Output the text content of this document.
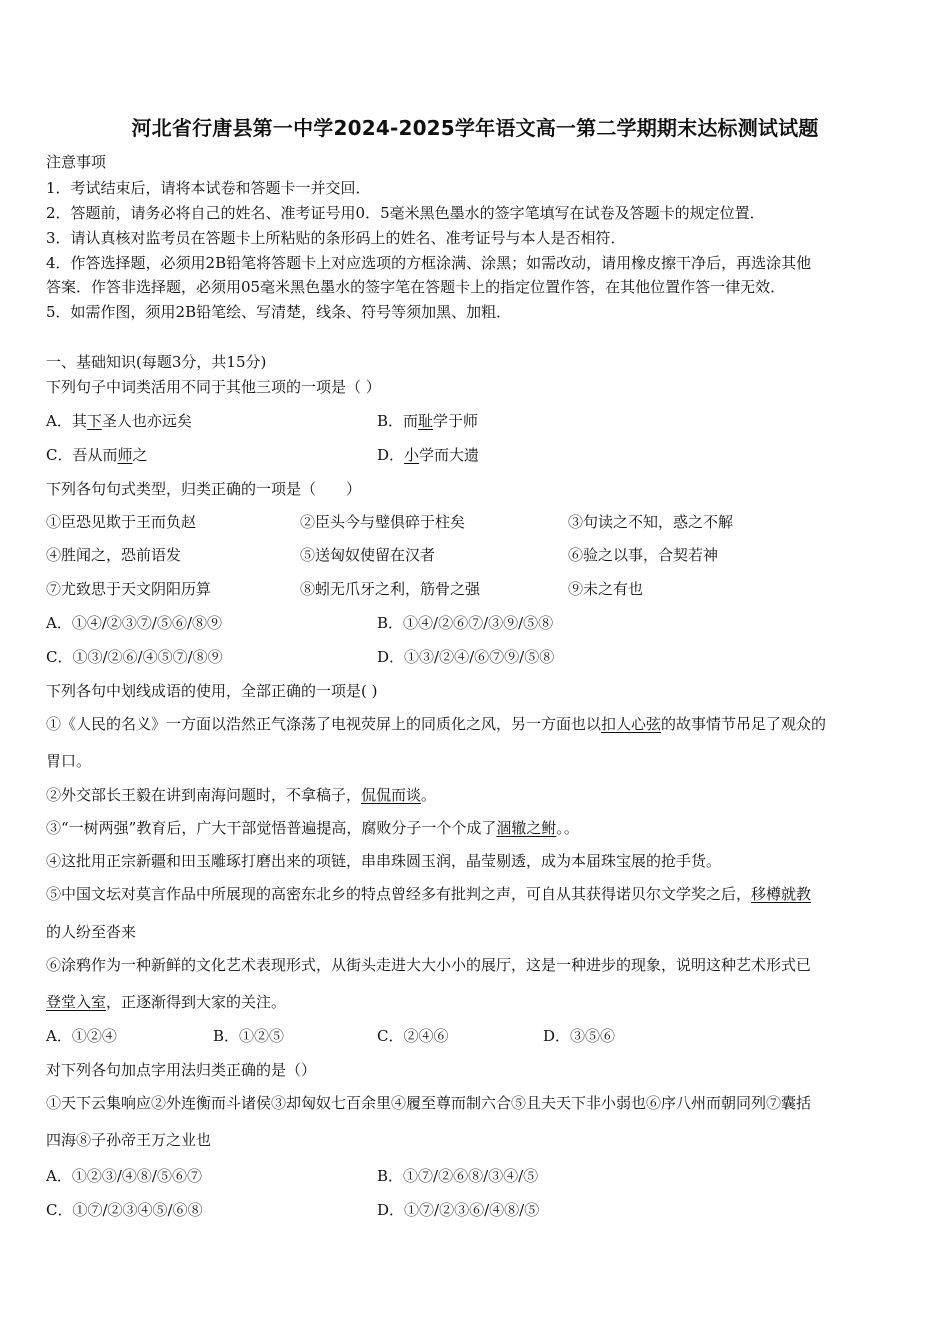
河北省行唐县第一中学2024-2025学年语文高一第二学期期末达标测试试题
注意事项
1．考试结束后，请将本试卷和答题卡一并交回．
2．答题前，请务必将自己的姓名、准考证号用0．5毫米黑色墨水的签字笔填写在试卷及答题卡的规定位置．
3．请认真核对监考员在答题卡上所粘贴的条形码上的姓名、准考证号与本人是否相符．
4．作答选择题，必须用2B铅笔将答题卡上对应选项的方框涂满、涂黑；如需改动，请用橡皮擦干净后，再选涂其他
答案．作答非选择题，必须用05毫米黑色墨水的签字笔在答题卡上的指定位置作答，在其他位置作答一律无效．
5．如需作图，须用2B铅笔绘、写清楚，线条、符号等须加黑、加粗．
一、基础知识(每题3分，共15分)
下列句子中词类活用不同于其他三项的一项是（ ）
A．其下圣人也亦远矣	B．而耻学于师
C．吾从而师之	D．小学而大遗
下列各句句式类型，归类正确的一项是（　　）
①臣恐见欺于王而负赵	②臣头今与璧俱碎于柱矣	③句读之不知，惑之不解
④胜闻之，恐前语发	⑤送匈奴使留在汉者	⑥验之以事，合契若神
⑦尤致思于天文阴阳历算	⑧蚓无爪牙之利，筋骨之强	⑨未之有也
A．①④/②③⑦/⑤⑥/⑧⑨	B．①④/②⑥⑦/③⑨/⑤⑧
C．①③/②⑥/④⑤⑦/⑧⑨	D．①③/②④/⑥⑦⑨/⑤⑧
下列各句中划线成语的使用，全部正确的一项是( )
①《人民的名义》一方面以浩然正气涤荡了电视荧屏上的同质化之风，另一方面也以扣人心弦的故事情节吊足了观众的
胃口。
②外交部长王毅在讲到南海问题时，不拿稿子，侃侃而谈。
③“一树两强”教育后，广大干部觉悟普遍提高，腐败分子一个个成了涸辙之鲋。。
④这批用正宗新疆和田玉雕琢打磨出来的项链，串串珠圆玉润，晶莹剔透，成为本届珠宝展的抢手货。
⑤中国文坛对莫言作品中所展现的高密东北乡的特点曾经多有批判之声，可自从其获得诺贝尔文学奖之后，移樽就教
的人纷至沓来
⑥涂鸦作为一种新鲜的文化艺术表现形式，从街头走进大大小小的展厅，这是一种进步的现象，说明这种艺术形式已
登堂入室，正逐渐得到大家的关注。
A．①②④	B．①②⑤	C．②④⑥	D．③⑤⑥
对下列各句加点字用法归类正确的是（）
①天下云集响应②外连衡而斗诸侯③却匈奴七百余里④履至尊而制六合⑤且夫天下非小弱也⑥序八州而朝同列⑦囊括
四海⑧子孙帝王万之业也
A．①②③/④⑧/⑤⑥⑦	B．①⑦/②⑥⑧/③④/⑤
C．①⑦/②③④⑤/⑥⑧	D．①⑦/②③⑥/④⑧/⑤
